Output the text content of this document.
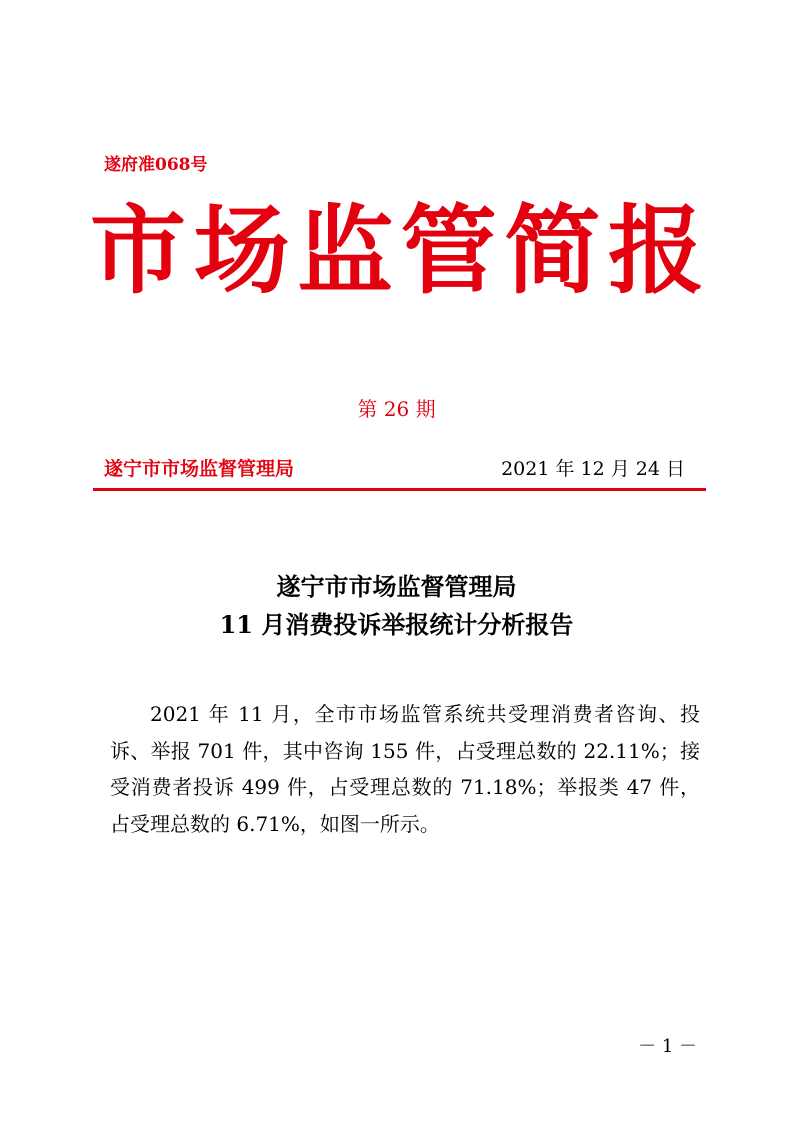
遂府准068号
市 场 监 管 简 报
第 26 期
遂宁市市场监督管理局	2021 年 12 月 24 日
遂宁市市场监督管理局
11 月消费投诉举报统计分析报告

2021 年 11 月，全市市场监管系统共受理消费者咨询、投诉、举报 701 件，其中咨询 155 件，占受理总数的 22.11%；接受消费者投诉 499 件，占受理总数的 71.18%；举报类 47 件，占受理总数的 6.71%，如图一所示。

－ 1 －
